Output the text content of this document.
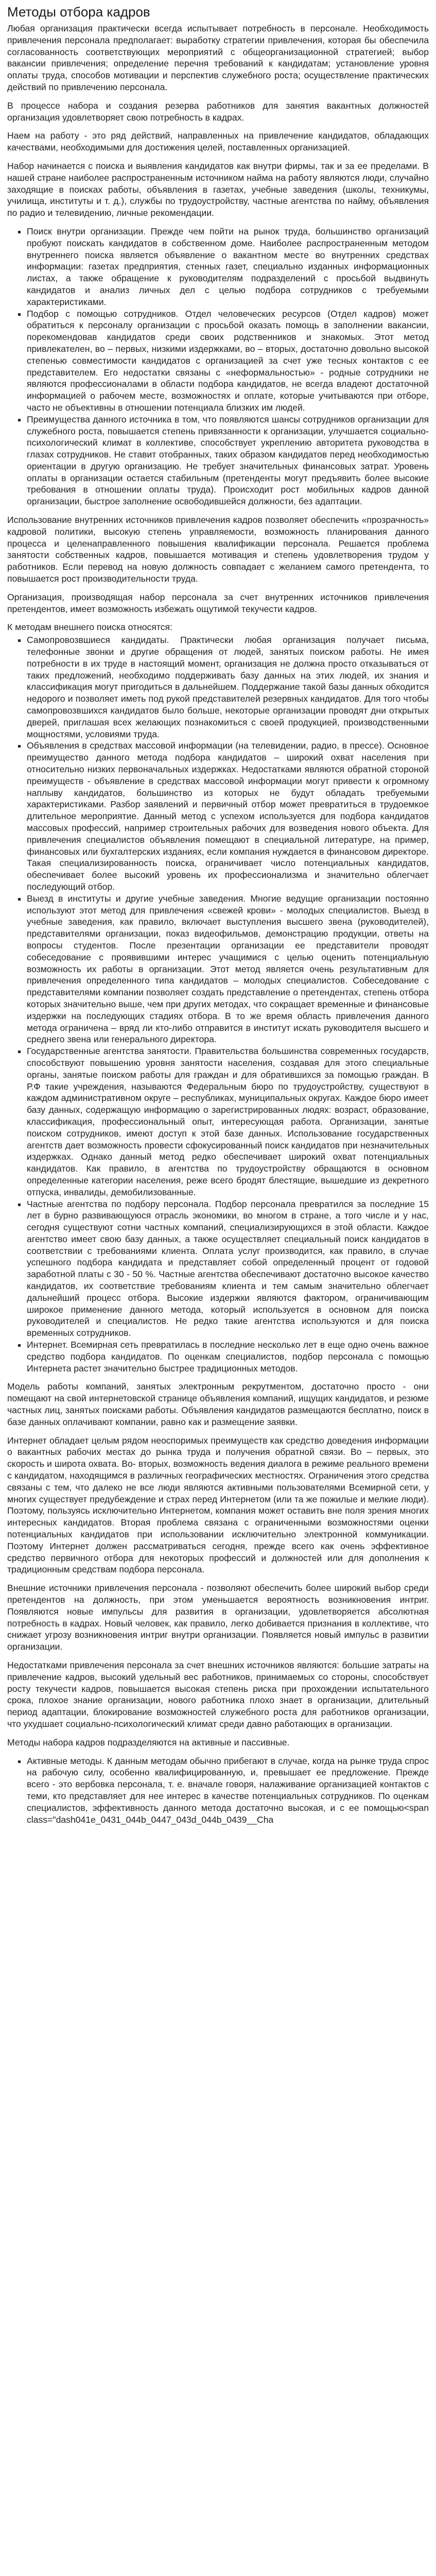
Методы отбора кадров

Любая организация практически всегда испытывает потребность в персонале. Необходимость привлечения персонала предполагает: выработку стратегии привлечения, которая бы обеспечила согласованность соответствующих мероприятий с общеорганизационной стратегией; выбор вакансии привлечения; определение перечня требований к кандидатам; установление уровня оплаты труда, способов мотивации и перспектив служебного роста; осуществление практических действий по привлечению персонала.

В процессе набора и создания резерва работников для занятия вакантных должностей организация удовлетворяет свою потребность в кадрах.

Наем на работу - это ряд действий, направленных на привлечение кандидатов, обладающих качествами, необходимыми для достижения целей, поставленных организацией.

Набор начинается с поиска и выявления кандидатов как внутри фирмы, так и за ее пределами. В нашей стране наиболее распространенным источником найма на работу являются люди, случайно заходящие в поисках работы, объявления в газетах, учебные заведения (школы, техникумы, училища, институты и т. д.), службы по трудоустройству, частные агентства по найму, объявления по радио и телевидению, личные рекомендации.

▪ Поиск внутри организации. Прежде чем пойти на рынок труда, большинство организаций пробуют поискать кандидатов в собственном доме. Наиболее распространенным методом внутреннего поиска является объявление о вакантном месте во внутренних средствах информации: газетах предприятия, стенных газет, специально изданных информационных листах, а также обращение к руководителям подразделений с просьбой выдвинуть кандидатов и анализ личных дел с целью подбора сотрудников с требуемыми характеристиками.
▪ Подбор с помощью сотрудников. Отдел человеческих ресурсов (Отдел кадров) может обратиться к персоналу организации с просьбой оказать помощь в заполнении вакансии, порекомендовав кандидатов среди своих родственников и знакомых. Этот метод привлекателен, во – первых, низкими издержками, во – вторых, достаточно довольно высокой степенью совместимости кандидатов с организацией за счет уже тесных контактов с ее представителем. Его недостатки связаны с «неформальностью» - родные сотрудники не являются профессионалами в области подбора кандидатов, не всегда владеют достаточной информацией о рабочем месте, возможностях и оплате, которые учитываются при отборе, часто не объективны в отношении потенциала близких им людей.
▪ Преимущества данного источника в том, что появляются шансы сотрудников организации для служебного роста, повышается степень привязанности к организации, улучшается социально-психологический климат в коллективе, способствует укреплению авторитета руководства в глазах сотрудников. Не ставит отобранных, таких образом кандидатов перед необходимостью ориентации в другую организацию. Не требует значительных финансовых затрат. Уровень оплаты в организации остается стабильным (претенденты могут предъявить более высокие требования в отношении оплаты труда). Происходит рост мобильных кадров данной организации, быстрое заполнение освободившейся должности, без адаптации.

Использование внутренних источников привлечения кадров позволяет обеспечить «прозрачность» кадровой политики, высокую степень управляемости, возможность планирования данного процесса и целенаправленного повышения квалификации персонала. Решается проблема занятости собственных кадров, повышается мотивация и степень удовлетворения трудом у работников. Если перевод на новую должность совпадает с желанием самого претендента, то повышается рост производительности труда.

Организация, производящая набор персонала за счет внутренних источников привлечения претендентов, имеет возможность избежать ощутимой текучести кадров.

К методам внешнего поиска относятся:

▪ Самопровозвшиеся кандидаты. Практически любая организация получает письма, телефонные звонки и другие обращения от людей, занятых поиском работы. Не имея потребности в их труде в настоящий момент, организация не должна просто отказываться от таких предложений, необходимо поддерживать базу данных на этих людей, их знания и классификация могут пригодиться в дальнейшем. Поддержание такой базы данных обходится недорого и позволяет иметь под рукой представителей резервных кандидатов. Для того чтобы самопровозвшихся кандидатов было больше, некоторые организации проводят дни открытых дверей, приглашая всех желающих познакомиться с своей продукцией, производственными мощностями, условиями труда.
▪ Объявления в средствах массовой информации (на телевидении, радио, в прессе). Основное преимущество данного метода подбора кандидатов – широкий охват населения при относительно низких первоначальных издержках. Недостатками являются обратной стороной преимуществ - объявление в средствах массовой информации могут привести к огромному наплыву кандидатов, большинство из которых не будут обладать требуемыми характеристиками. Разбор заявлений и первичный отбор может превратиться в трудоемкое длительное мероприятие. Данный метод с успехом используется для подбора кандидатов массовых профессий, например строительных рабочих для возведения нового объекта. Для привлечения специалистов объявления помещают в специальной литературе, на пример, финансовых или бухгалтерских изданиях, если компания нуждается в финансовом директоре. Такая специализированность поиска, ограничивает число потенциальных кандидатов, обеспечивает более высокий уровень их профессионализма и значительно облегчает последующий отбор.
▪ Выезд в институты и другие учебные заведения. Многие ведущие организации постоянно используют этот метод для привлечения «свежей крови» - молодых специалистов. Выезд в учебные заведения, как правило, включает выступления высшего звена (руководителей), представителями организации, показ видеофильмов, демонстрацию продукции, ответы на вопросы студентов. После презентации организации ее представители проводят собеседование с проявившими интерес учащимися с целью оценить потенциальную возможность их работы в организации. Этот метод является очень результативным для привлечения определенного типа кандидатов – молодых специалистов. Собеседование с представителями компании позволяет создать представление о претендентах, степень отбора которых значительно выше, чем при других методах, что сокращает временные и финансовые издержки на последующих стадиях отбора. В то же время область привлечения данного метода ограничена – вряд ли кто-либо отправится в институт искать руководителя высшего и среднего звена или генерального директора.
▪ Государственные агентства занятости. Правительства большинства современных государств, способствуют повышению уровня занятости населения, создавая для этого специальные органы, занятые поиском работы для граждан и для обратившихся за помощью граждан. В Р.Ф такие учреждения, называются Федеральным бюро по трудоустройству, существуют в каждом административном округе – республиках, муниципальных округах. Каждое бюро имеет базу данных, содержащую информацию о зарегистрированных людях: возраст, образование, классификация, профессиональный опыт, интересующая работа. Организации, занятые поиском сотрудников, имеют доступ к этой базе данных. Использование государственных агентств дает возможность провести сфокусированный поиск кандидатов при незначительных издержках. Однако данный метод редко обеспечивает широкий охват потенциальных кандидатов. Как правило, в агентства по трудоустройству обращаются в основном определенные категории населения, реже всего бродят блестящие, вышедшие из декретного отпуска, инвалиды, демобилизованные.
▪ Частные агентства по подбору персонала. Подбор персонала превратился за последние 15 лет в бурно развивающуюся отрасль экономики, во многом в стране, а того числе и у нас, сегодня существуют сотни частных компаний, специализирующихся в этой области. Каждое агентство имеет свою базу данных, а также осуществляет специальный поиск кандидатов в соответствии с требованиями клиента. Оплата услуг производится, как правило, в случае успешного подбора кандидата и представляет собой определенный процент от годовой заработной платы с 30 - 50 %. Частные агентства обеспечивают достаточно высокое качество кандидатов, их соответствие требованиям клиента и тем самым значительно облегчает дальнейший процесс отбора. Высокие издержки являются фактором, ограничивающим широкое применение данного метода, который используется в основном для поиска руководителей и специалистов. Не редко такие агентства используются и для поиска временных сотрудников.
▪ Интернет. Всемирная сеть превратилась в последние несколько лет в еще одно очень важное средство подбора кандидатов. По оценкам специалистов, подбор персонала с помощью Интернета растет значительно быстрее традиционных методов.

Модель работы компаний, занятых электронным рекрутментом, достаточно просто - они помещают на свой интернетовской странице объявления компаний, ищущих кандидатов, и резюме частных лиц, занятых поисками работы. Объявления кандидатов размещаются бесплатно, поиск в базе данных оплачивают компании, равно как и размещение заявки.

Интернет обладает целым рядом неоспоримых преимуществ как средство доведения информации о вакантных рабочих местах до рынка труда и получения обратной связи. Во – первых, это скорость и широта охвата. Во- вторых, возможность ведения диалога в режиме реального времени с кандидатом, находящимся в различных географических местностях. Ограничения этого средства связаны с тем, что далеко не все люди являются активными пользователями Всемирной сети, у многих существует предубеждение и страх перед Интернетом (или та же пожилые и мелкие люди). Поэтому, пользуясь исключительно Интернетом, компания может оставить вне поля зрения многих интересных кандидатов. Вторая проблема связана с ограниченными возможностями оценки потенциальных кандидатов при использовании исключительно электронной коммуникации. Поэтому Интернет должен рассматриваться сегодня, прежде всего как очень эффективное средство первичного отбора для некоторых профессий и должностей или для дополнения к традиционным средствам подбора персонала.

Внешние источники привлечения персонала - позволяют обеспечить более широкий выбор среди претендентов на должность, при этом уменьшается вероятность возникновения интриг. Появляются новые импульсы для развития в организации, удовлетворяется абсолютная потребность в кадрах. Новый человек, как правило, легко добивается признания в коллективе, что снижает угрозу возникновения интриг внутри организации. Появляется новый импульс в развитии организации.

Недостатками привлечения персонала за счет внешних источников являются: большие затраты на привлечение кадров, высокий удельный вес работников, принимаемых со стороны, способствует росту текучести кадров, повышается высокая степень риска при прохождении испытательного срока, плохое знание организации, нового работника плохо знает в организации, длительный период адаптации, блокирование возможностей служебного роста для работников организации, что ухудшает социально-психологический климат среди давно работающих в организации.

Методы набора кадров подразделяются на активные и пассивные.

▪ Активные методы. К данным методам обычно прибегают в случае, когда на рынке труда спрос на рабочую силу, особенно квалифицированную, и, превышает ее предложение. Прежде всего - это вербовка персонала, т. е. вначале говоря, налаживание организацией контактов с теми, кто представляет для нее интерес в качестве потенциальных сотрудников. По оценкам специалистов, эффективность данного метода достаточно высокая, и с ее помощью<span class="dash041e_0431_044b_0447_043d_044b_0439__Cha
